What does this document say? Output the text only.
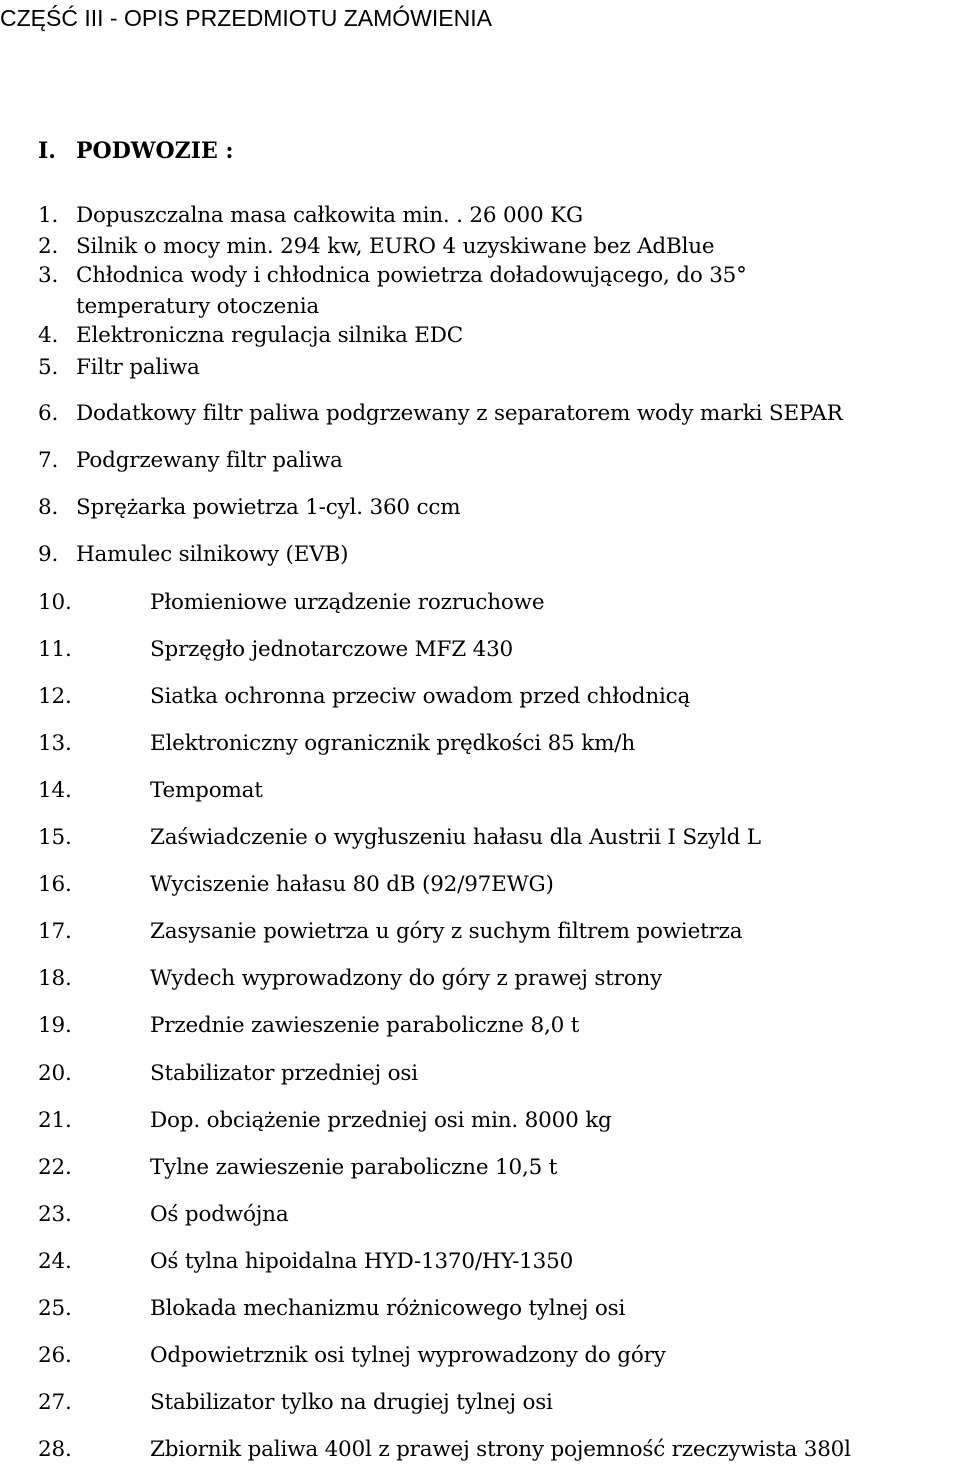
CZĘŚĆ III - OPIS PRZEDMIOTU ZAMÓWIENIA
I. PODWOZIE :
1. Dopuszczalna masa całkowita min. . 26 000 KG
2. Silnik o mocy min. 294 kw, EURO 4 uzyskiwane bez AdBlue
3. Chłodnica wody i chłodnica powietrza doładowującego, do 35°
temperatury otoczenia
4. Elektroniczna regulacja silnika EDC
5. Filtr paliwa
6. Dodatkowy filtr paliwa podgrzewany z separatorem wody marki SEPAR
7. Podgrzewany filtr paliwa
8. Sprężarka powietrza 1-cyl. 360 ccm
9. Hamulec silnikowy (EVB)
10.	Płomieniowe urządzenie rozruchowe
11.	Sprzęgło jednotarczowe MFZ 430
12.	Siatka ochronna przeciw owadom przed chłodnicą
13.	Elektroniczny ogranicznik prędkości 85 km/h
14.	Tempomat
15.	Zaświadczenie o wygłuszeniu hałasu dla Austrii I Szyld L
16.	Wyciszenie hałasu 80 dB (92/97EWG)
17.	Zasysanie powietrza u góry z suchym filtrem powietrza
18.	Wydech wyprowadzony do góry z prawej strony
19.	Przednie zawieszenie paraboliczne 8,0 t
20.	Stabilizator przedniej osi
21.	Dop. obciążenie przedniej osi min. 8000 kg
22.	Tylne zawieszenie paraboliczne 10,5 t
23.	Oś podwójna
24.	Oś tylna hipoidalna HYD-1370/HY-1350
25.	Blokada mechanizmu różnicowego tylnej osi
26.	Odpowietrznik osi tylnej wyprowadzony do góry
27.	Stabilizator tylko na drugiej tylnej osi
28.	Zbiornik paliwa 400l z prawej strony pojemność rzeczywista 380l
